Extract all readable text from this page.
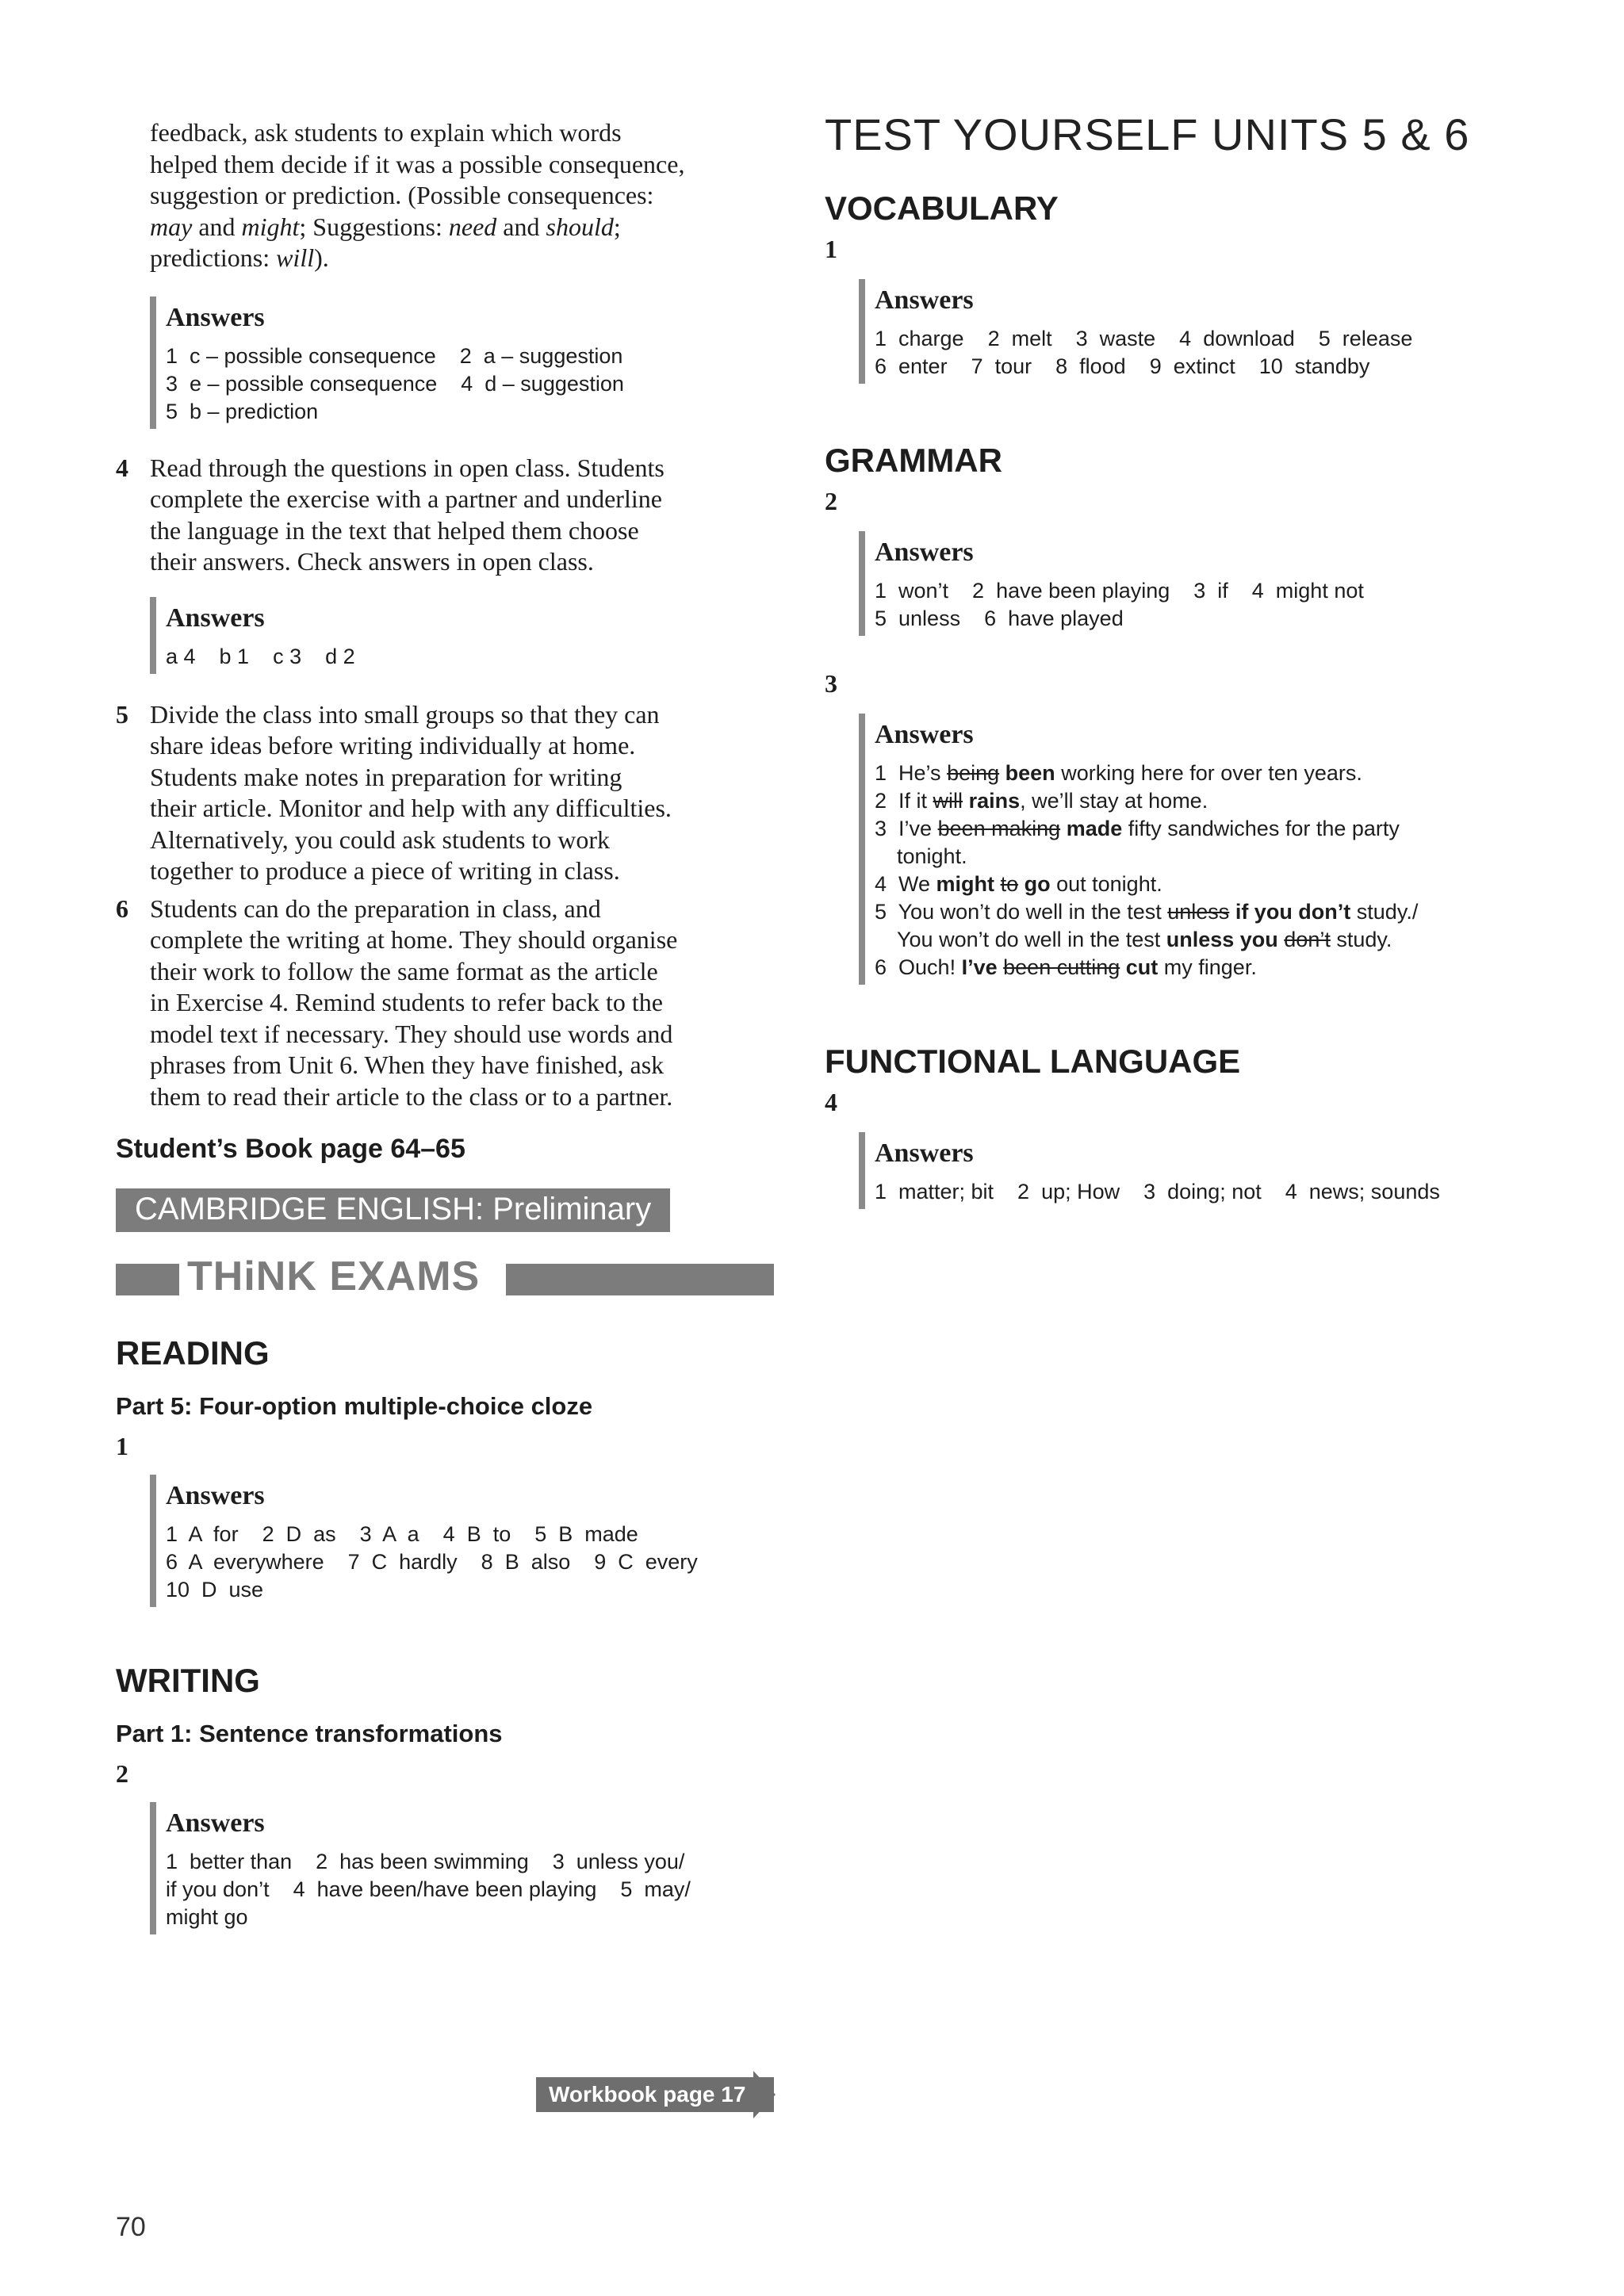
feedback, ask students to explain which words

helped them decide if it was a possible consequence,

suggestion or prediction. (Possible consequences:

may and might; Suggestions: need and should;

predictions: will).

Answers

1  c – possible consequence    2  a – suggestion

3  e – possible consequence    4  d – suggestion

5  b – prediction

4 Read through the questions in open class. Students

complete the exercise with a partner and underline

the language in the text that helped them choose

their answers. Check answers in open class.

Answers

a 4    b 1    c 3    d 2

5 Divide the class into small groups so that they can

share ideas before writing individually at home.

Students make notes in preparation for writing

their article. Monitor and help with any difficulties.

Alternatively, you could ask students to work

together to produce a piece of writing in class.

6 Students can do the preparation in class, and

complete the writing at home. They should organise

their work to follow the same format as the article

in Exercise 4. Remind students to refer back to the

model text if necessary. They should use words and

phrases from Unit 6. When they have finished, ask

them to read their article to the class or to a partner.

Student’s Book page 64–65

CAMBRIDGE ENGLISH: Preliminary
THiNK EXAMS

READING

Part 5: Four-option multiple-choice cloze

1

Answers

1  A  for    2  D  as    3  A  a    4  B  to    5  B  made

6  A  everywhere    7  C  hardly    8  B  also    9  C  every

10  D  use

WRITING

Part 1: Sentence transformations

2

Answers

1  better than    2  has been swimming    3  unless you/

if you don’t    4  have been/have been playing    5  may/

might go

Workbook page 17
70

TEST YOURSELF UNITS 5 & 6

VOCABULARY

1

Answers

1  charge    2  melt    3  waste    4  download    5  release

6  enter    7  tour    8  flood    9  extinct    10  standby

GRAMMAR

2

Answers

1  won’t    2  have been playing    3  if    4  might not

5  unless    6  have played

3

Answers

1  He’s being been working here for over ten years.

2  If it will rains, we’ll stay at home.

3  I’ve been making made fifty sandwiches for the party

tonight.

4  We might to go out tonight.

5  You won’t do well in the test unless if you don’t study./

You won’t do well in the test unless you don’t study.

6  Ouch! I’ve been cutting cut my finger.

FUNCTIONAL LANGUAGE

4

Answers

1  matter; bit    2  up; How    3  doing; not    4  news; sounds
